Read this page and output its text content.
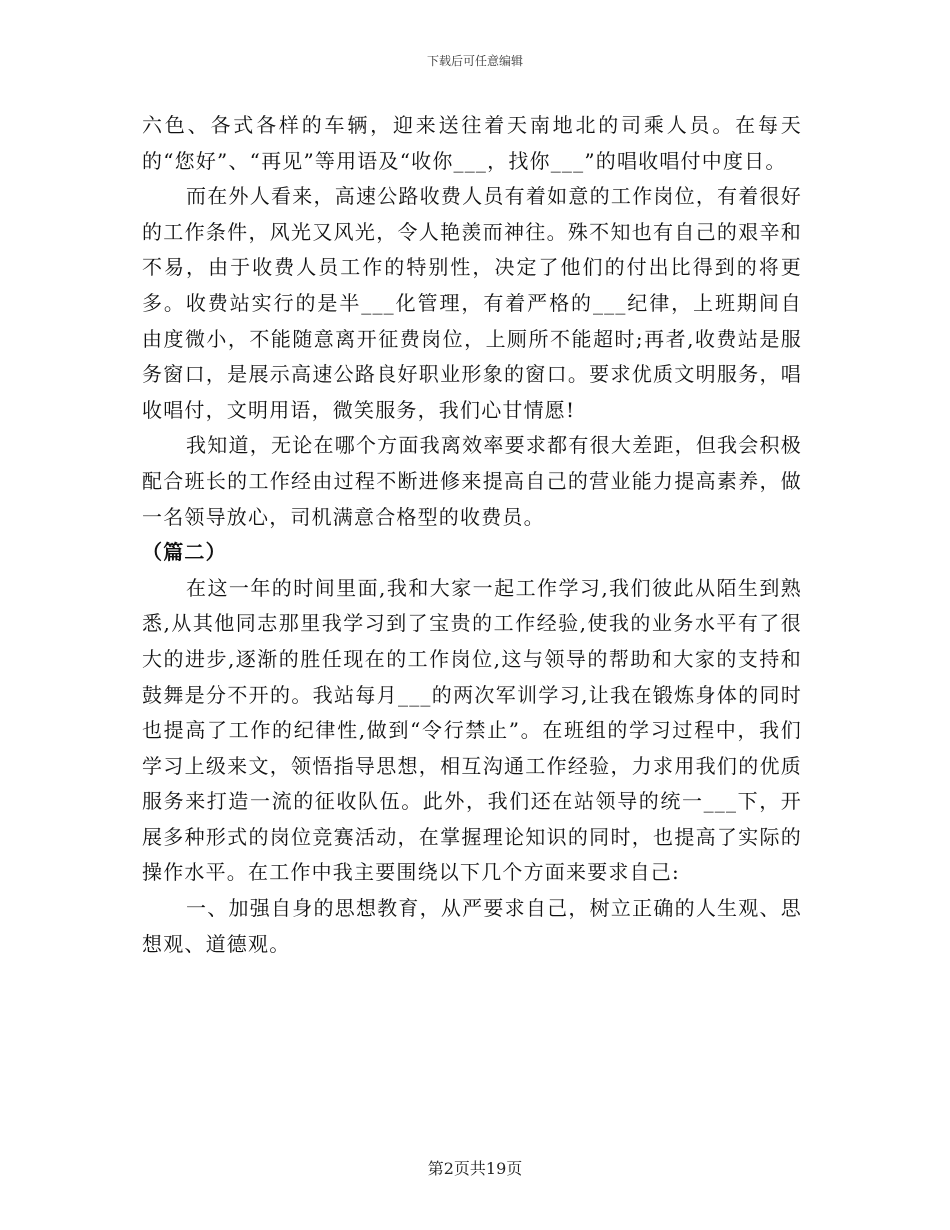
下载后可任意编辑

六色、各式各样的车辆，迎来送往着天南地北的司乘人员。在每天的“您好”、“再见”等用语及“收你___，找你___”的唱收唱付中度日。

而在外人看来，高速公路收费人员有着如意的工作岗位，有着很好的工作条件，风光又风光，令人艳羡而神往。殊不知也有自己的艰辛和不易，由于收费人员工作的特别性，决定了他们的付出比得到的将更多。收费站实行的是半___化管理，有着严格的___纪律，上班期间自由度微小，不能随意离开征费岗位，上厕所不能超时;再者,收费站是服务窗口，是展示高速公路良好职业形象的窗口。要求优质文明服务，唱收唱付，文明用语，微笑服务，我们心甘情愿!

我知道，无论在哪个方面我离效率要求都有很大差距，但我会积极配合班长的工作经由过程不断进修来提高自己的营业能力提高素养，做一名领导放心，司机满意合格型的收费员。

（篇二）

在这一年的时间里面,我和大家一起工作学习,我们彼此从陌生到熟悉,从其他同志那里我学习到了宝贵的工作经验,使我的业务水平有了很大的进步,逐渐的胜任现在的工作岗位,这与领导的帮助和大家的支持和鼓舞是分不开的。我站每月___的两次军训学习,让我在锻炼身体的同时也提高了工作的纪律性,做到“令行禁止”。在班组的学习过程中，我们学习上级来文，领悟指导思想，相互沟通工作经验，力求用我们的优质服务来打造一流的征收队伍。此外，我们还在站领导的统一___下，开展多种形式的岗位竞赛活动，在掌握理论知识的同时，也提高了实际的操作水平。在工作中我主要围绕以下几个方面来要求自己:

一、加强自身的思想教育，从严要求自己，树立正确的人生观、思想观、道德观。

第2页共19页
